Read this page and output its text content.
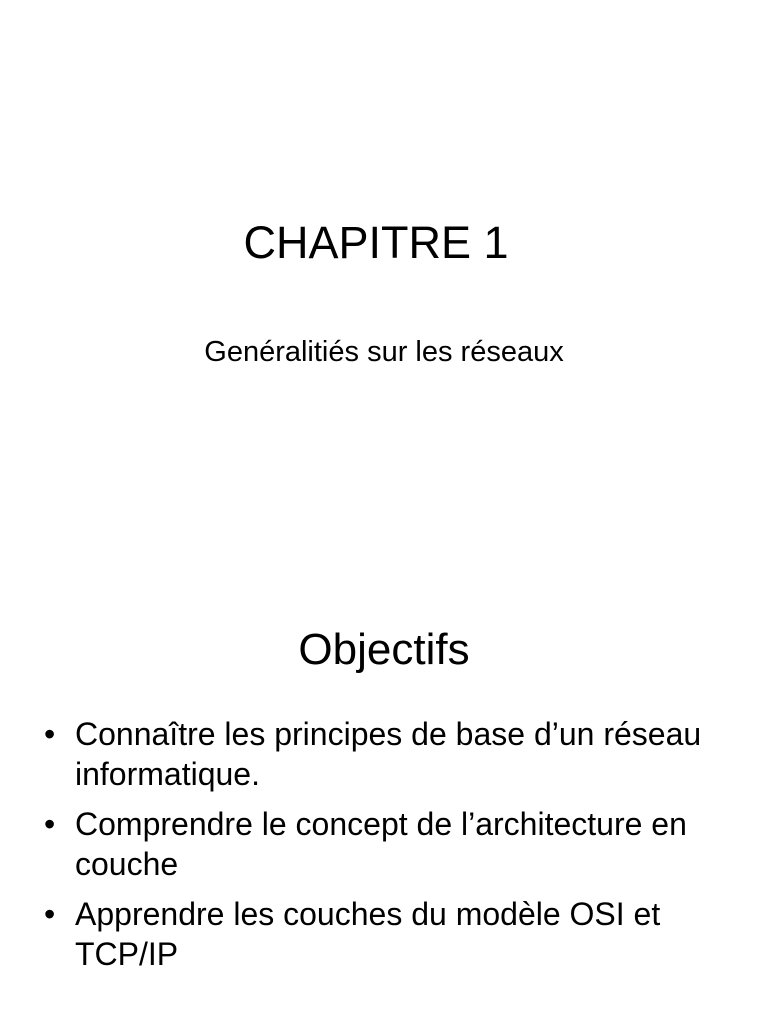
CHAPITRE 1

Genéralitiés sur les réseaux

Objectifs
• Connaître les principes de base d’un réseau informatique.
• Comprendre le concept de l’architecture en couche
• Apprendre les couches du modèle OSI et TCP/IP
